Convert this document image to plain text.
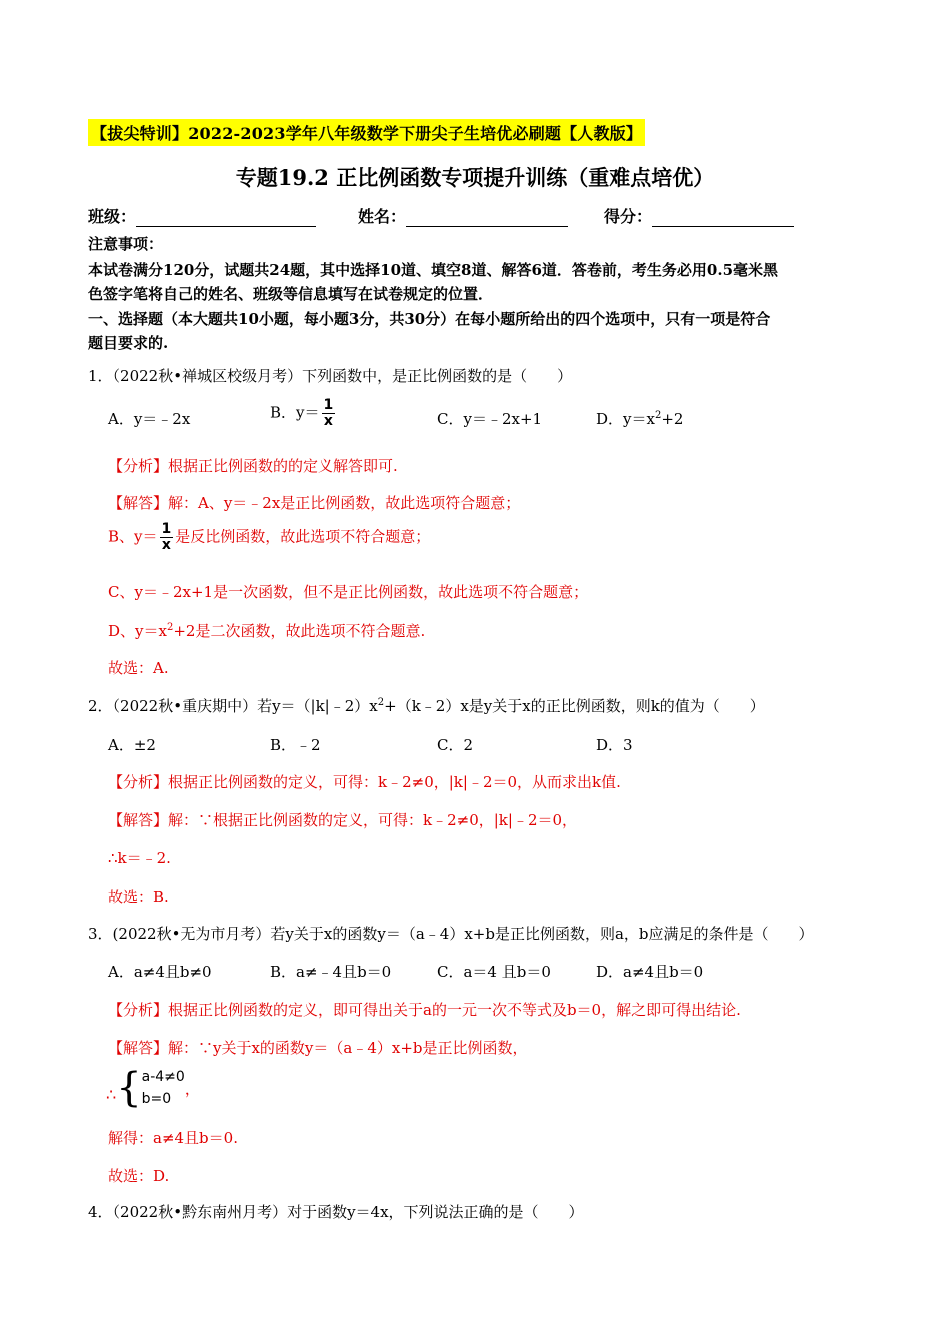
【拔尖特训】2022-2023学年八年级数学下册尖子生培优必刷题【人教版】
专题19.2 正比例函数专项提升训练（重难点培优）
班级：	姓名：	得分：
注意事项：
本试卷满分120分，试题共24题，其中选择10道、填空8道、解答6道．答卷前，考生务必用0.5毫米黑
色签字笔将自己的姓名、班级等信息填写在试卷规定的位置．
一、选择题（本大题共10小题，每小题3分，共30分）在每小题所给出的四个选项中，只有一项是符合
题目要求的.
1．（2022秋•禅城区校级月考）下列函数中，是正比例函数的是（　　）
A．y＝﹣2x	B．$y= \frac{1}{x}$	C．y＝﹣2x+1	D．$y=x^2+2$
【分析】根据正比例函数的的定义解答即可.
【解答】解：A、y＝﹣2x是正比例函数，故此选项符合题意；
B、$y= \frac{1}{x}$ 是反比例函数，故此选项不符合题意；
C、y＝﹣2x+1是一次函数，但不是正比例函数，故此选项不符合题意；
D、$y=x^2+2$是二次函数，故此选项不符合题意.
故选：A.
2．（2022秋•重庆期中）若$y=(|k|﹣2)x^2+(k﹣2)x$是y关于x的正比例函数，则k的值为（　　）
A．±2	B．﹣2	C．2	D．3
【分析】根据正比例函数的定义，可得：k﹣2≠0，|k|﹣2＝0，从而求出k值.
【解答】解：∵根据正比例函数的定义，可得：k﹣2≠0，|k|﹣2＝0，
∴k＝﹣2.
故选：B.
3．(2022秋•无为市月考）若y关于x的函数y＝（a﹣4）x+b是正比例函数，则a，b应满足的条件是（　　）
A．a≠4且b≠0	B．a≠﹣4且b＝0	C．a＝4 且b＝0	D．a≠4且b＝0
【分析】根据正比例函数的定义，即可得出关于a的一元一次不等式及b＝0，解之即可得出结论.
【解答】解：∵y关于x的函数y＝（a﹣4）x+b是正比例函数，
∴ { a-4≠0
b=0
，
解得：a≠4且b＝0.
故选：D.
4．（2022秋•黔东南州月考）对于函数y＝4x，下列说法正确的是（　　）
